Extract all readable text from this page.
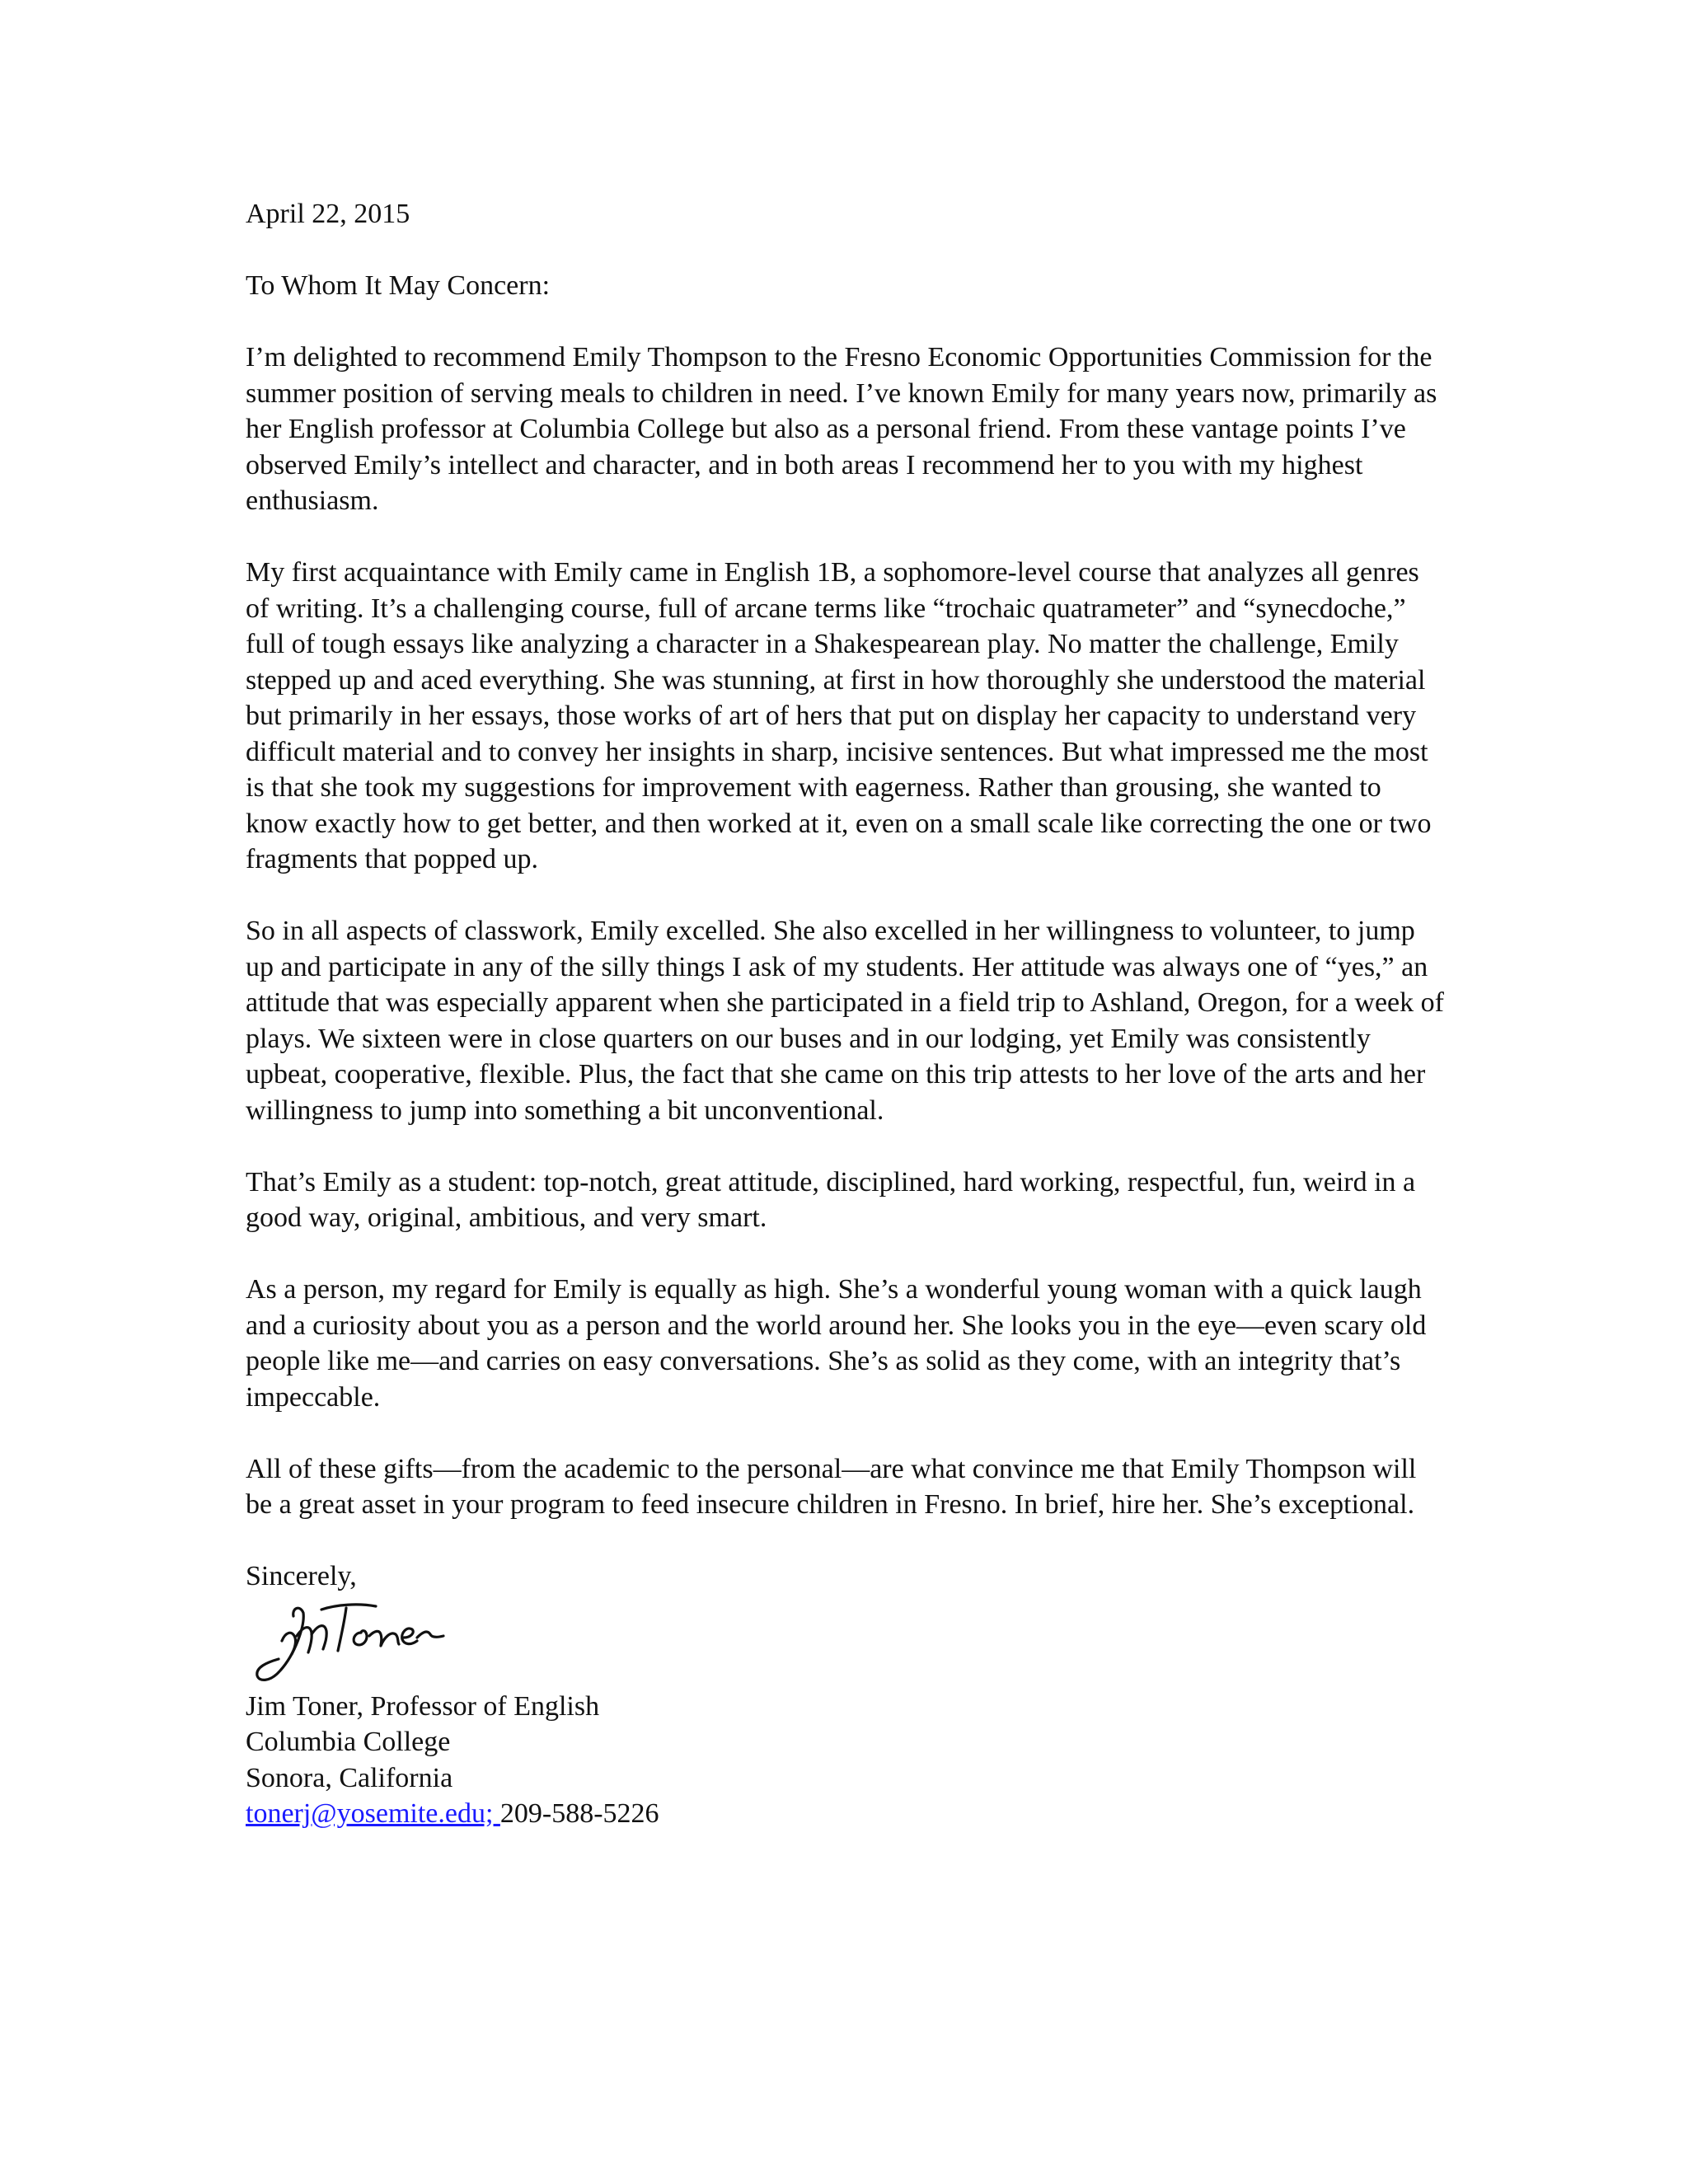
April 22, 2015

To Whom It May Concern:

I’m delighted to recommend Emily Thompson to the Fresno Economic Opportunities Commission for the summer position of serving meals to children in need. I’ve known Emily for many years now, primarily as her English professor at Columbia College but also as a personal friend. From these vantage points I’ve observed Emily’s intellect and character, and in both areas I recommend her to you with my highest enthusiasm.

My first acquaintance with Emily came in English 1B, a sophomore-level course that analyzes all genres of writing. It’s a challenging course, full of arcane terms like “trochaic quatrameter” and “synecdoche,” full of tough essays like analyzing a character in a Shakespearean play. No matter the challenge, Emily stepped up and aced everything. She was stunning, at first in how thoroughly she understood the material but primarily in her essays, those works of art of hers that put on display her capacity to understand very difficult material and to convey her insights in sharp, incisive sentences. But what impressed me the most is that she took my suggestions for improvement with eagerness. Rather than grousing, she wanted to know exactly how to get better, and then worked at it, even on a small scale like correcting the one or two fragments that popped up.

So in all aspects of classwork, Emily excelled. She also excelled in her willingness to volunteer, to jump up and participate in any of the silly things I ask of my students. Her attitude was always one of “yes,” an attitude that was especially apparent when she participated in a field trip to Ashland, Oregon, for a week of plays. We sixteen were in close quarters on our buses and in our lodging, yet Emily was consistently upbeat, cooperative, flexible. Plus, the fact that she came on this trip attests to her love of the arts and her willingness to jump into something a bit unconventional.

That’s Emily as a student: top-notch, great attitude, disciplined, hard working, respectful, fun, weird in a good way, original, ambitious, and very smart.

As a person, my regard for Emily is equally as high. She’s a wonderful young woman with a quick laugh and a curiosity about you as a person and the world around her. She looks you in the eye—even scary old people like me—and carries on easy conversations. She’s as solid as they come, with an integrity that’s impeccable.

All of these gifts—from the academic to the personal—are what convince me that Emily Thompson will be a great asset in your program to feed insecure children in Fresno. In brief, hire her. She’s exceptional.

Sincerely,

Jim Toner, Professor of English
Columbia College
Sonora, California
tonerj@yosemite.edu; 209-588-5226
